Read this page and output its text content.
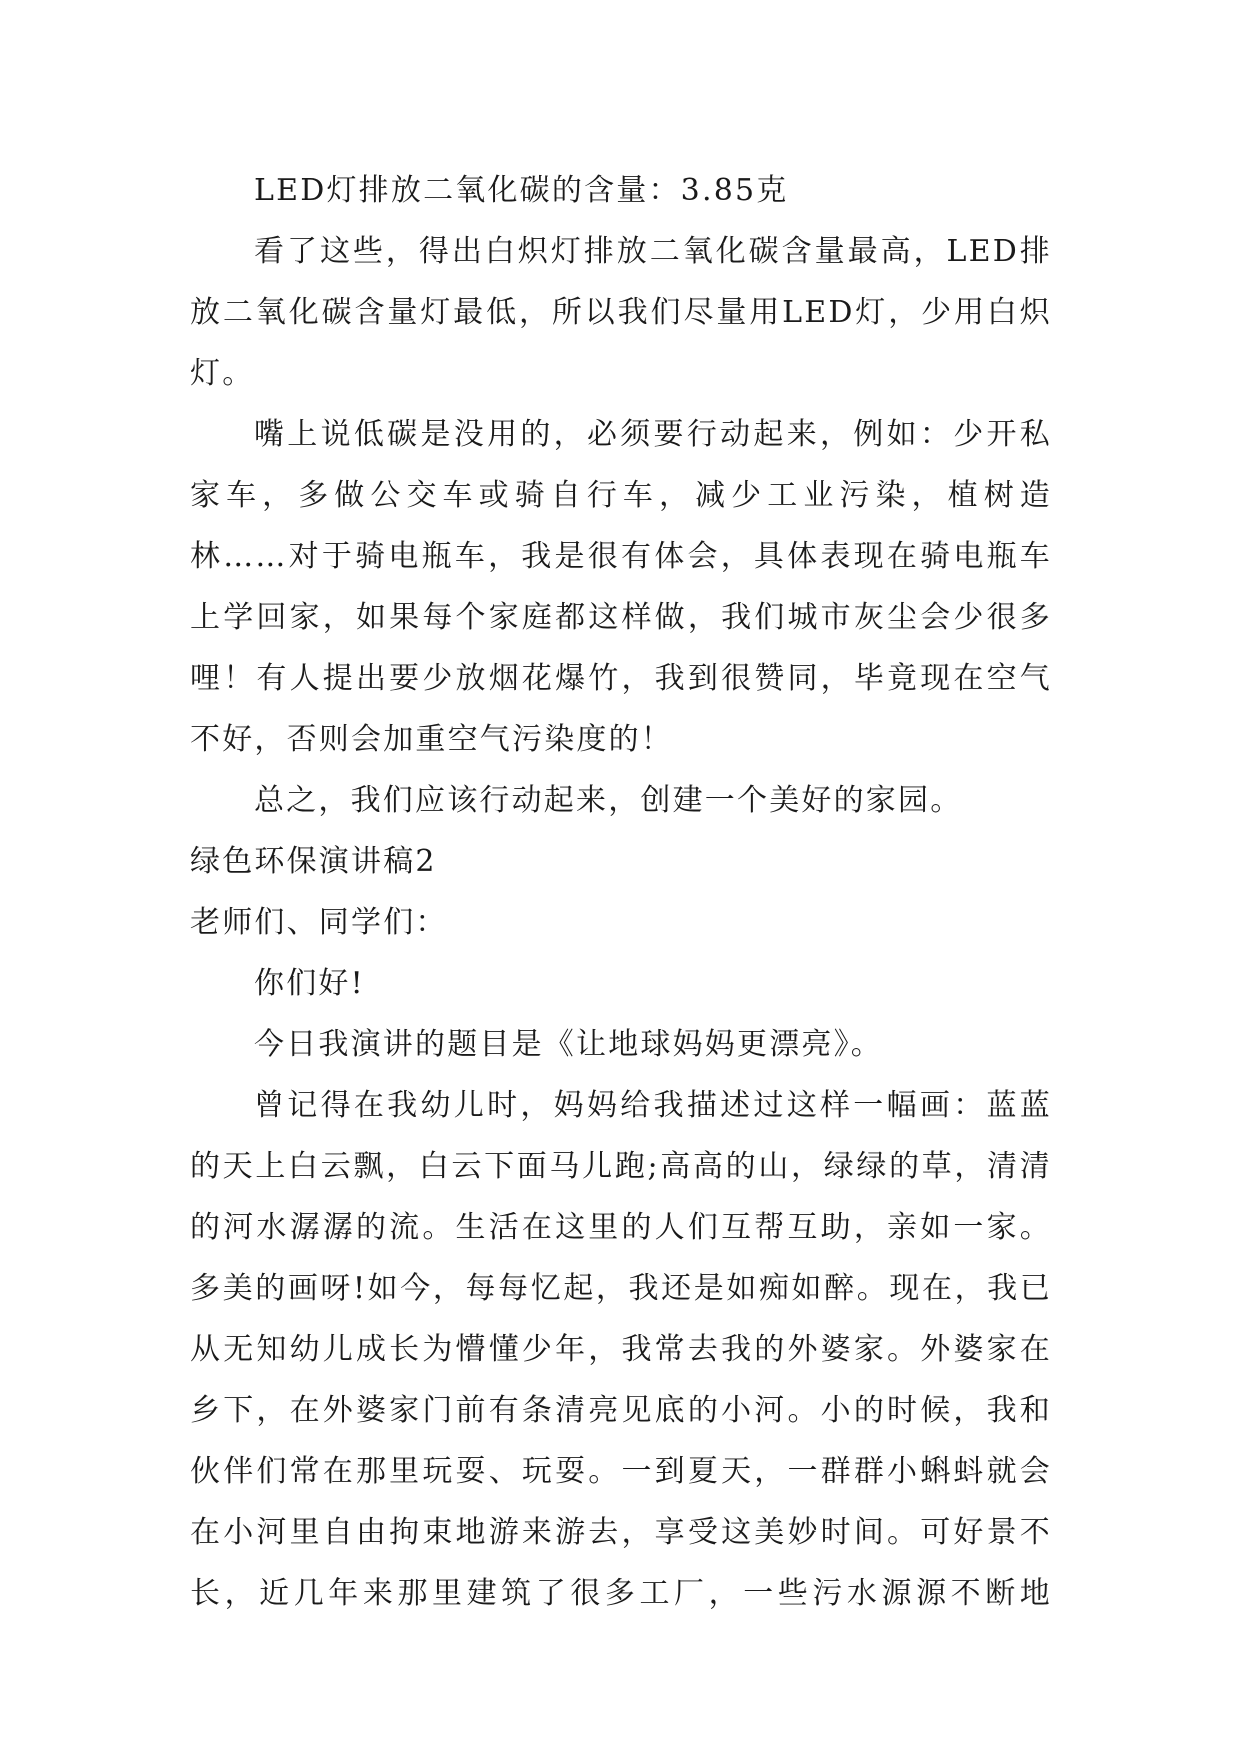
LED灯排放二氧化碳的含量：3.85克

看了这些，得出白炽灯排放二氧化碳含量最高，LED排放二氧化碳含量灯最低，所以我们尽量用LED灯，少用白炽灯。

嘴上说低碳是没用的，必须要行动起来，例如：少开私家车，多做公交车或骑自行车，减少工业污染，植树造林……对于骑电瓶车，我是很有体会，具体表现在骑电瓶车上学回家，如果每个家庭都这样做，我们城市灰尘会少很多哩！有人提出要少放烟花爆竹，我到很赞同，毕竟现在空气不好，否则会加重空气污染度的！

总之，我们应该行动起来，创建一个美好的家园。

绿色环保演讲稿2

老师们、同学们：

你们好!

今日我演讲的题目是《让地球妈妈更漂亮》。

曾记得在我幼儿时，妈妈给我描述过这样一幅画：蓝蓝的天上白云飘，白云下面马儿跑;高高的山，绿绿的草，清清的河水潺潺的流。生活在这里的人们互帮互助，亲如一家。多美的画呀!如今，每每忆起，我还是如痴如醉。现在，我已从无知幼儿成长为懵懂少年，我常去我的外婆家。外婆家在乡下，在外婆家门前有条清亮见底的小河。小的时候，我和伙伴们常在那里玩耍、玩耍。一到夏天，一群群小蝌蚪就会在小河里自由拘束地游来游去，享受这美妙时间。可好景不长，近几年来那里建筑了很多工厂，一些污水源源不断地
